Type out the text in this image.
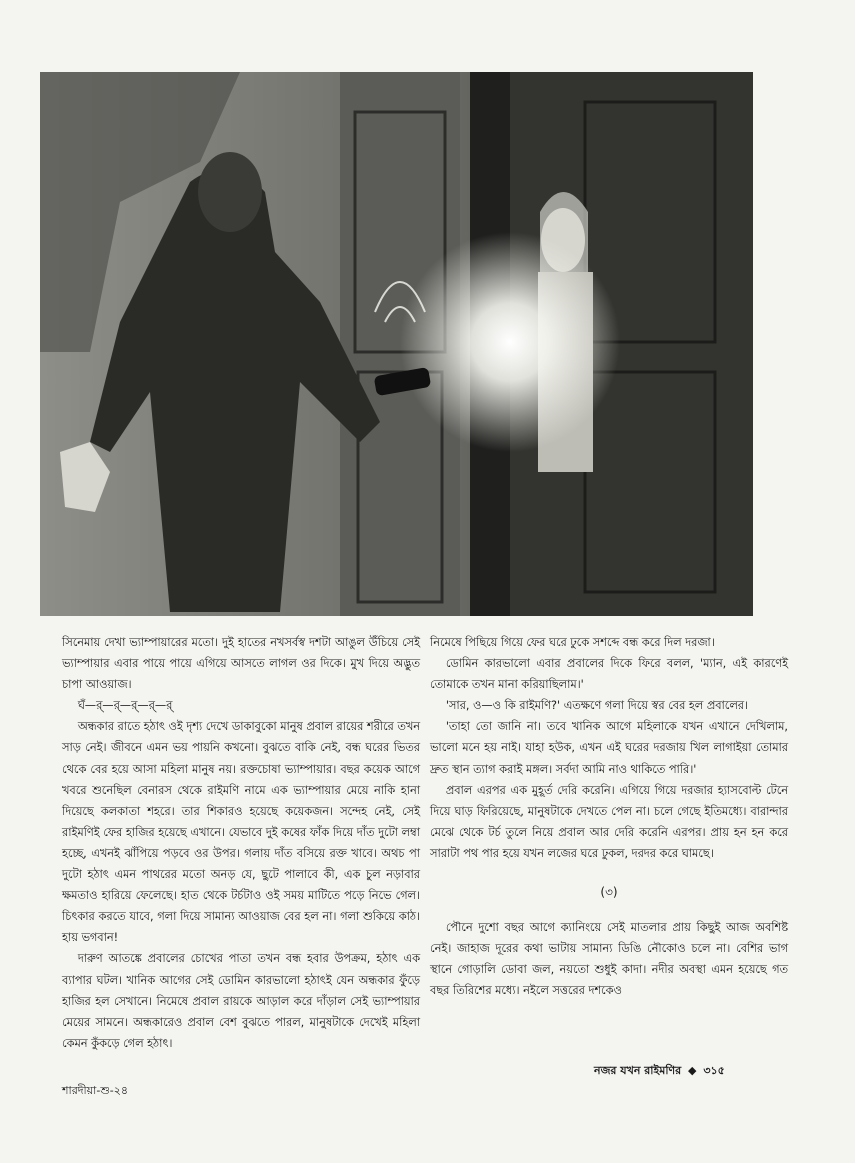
সিনেমায় দেখা ভ্যাম্পায়ারের মতো। দুই হাতের নখসর্বস্ব দশটা আঙুল উঁচিয়ে সেই ভ্যাম্পায়ার এবার পায়ে পায়ে এগিয়ে আসতে লাগল ওর দিকে। মুখ দিয়ে অদ্ভুত চাপা আওয়াজ।

ঘঁ—র্‌—র্‌—র্‌—র্‌—র্‌

অন্ধকার রাতে হঠাৎ ওই দৃশ্য দেখে ডাকাবুকো মানুষ প্রবাল রায়ের শরীরে তখন সাড় নেই। জীবনে এমন ভয় পায়নি কখনো। বুঝতে বাকি নেই, বন্ধ ঘরের ভিতর থেকে বের হয়ে আসা মহিলা মানুষ নয়। রক্তচোষা ভ্যাম্পায়ার। বছর কয়েক আগে খবরে শুনেছিল বেনারস থেকে রাইমণি নামে এক ভ্যাম্পায়ার মেয়ে নাকি হানা দিয়েছে কলকাতা শহরে। তার শিকারও হয়েছে কয়েকজন। সন্দেহ নেই, সেই রাইমণিই ফের হাজির হয়েছে এখানে। যেভাবে দুই কষের ফাঁক দিয়ে দাঁত দুটো লম্বা হচ্ছে, এখনই ঝাঁপিয়ে পড়বে ওর উপর। গলায় দাঁত বসিয়ে রক্ত খাবে। অথচ পা দুটো হঠাৎ এমন পাথরের মতো অনড় যে, ছুটে পালাবে কী, এক চুল নড়াবার ক্ষমতাও হারিয়ে ফেলেছে। হাত থেকে টর্চটাও ওই সময় মাটিতে পড়ে নিভে গেল। চিৎকার করতে যাবে, গলা দিয়ে সামান্য আওয়াজ বের হল না। গলা শুকিয়ে কাঠ। হায় ভগবান!

দারুণ আতঙ্কে প্রবালের চোখের পাতা তখন বন্ধ হবার উপক্রম, হঠাৎ এক ব্যাপার ঘটল। খানিক আগের সেই ডোমিন কারভালো হঠাৎই যেন অন্ধকার ফুঁড়ে হাজির হল সেখানে। নিমেষে প্রবাল রায়কে আড়াল করে দাঁড়াল সেই ভ্যাম্পায়ার মেয়ের সামনে। অন্ধকারেও প্রবাল বেশ বুঝতে পারল, মানুষটাকে দেখেই মহিলা কেমন কুঁকড়ে গেল হঠাৎ।

নিমেষে পিছিয়ে গিয়ে ফের ঘরে ঢুকে সশব্দে বন্ধ করে দিল দরজা।

ডোমিন কারভালো এবার প্রবালের দিকে ফিরে বলল, 'ম্যান, এই কারণেই তোমাকে তখন মানা করিয়াছিলাম।'

'সার, ও—ও কি রাইমণি?' এতক্ষণে গলা দিয়ে স্বর বের হল প্রবালের।

'তাহা তো জানি না। তবে খানিক আগে মহিলাকে যখন এখানে দেখিলাম, ভালো মনে হয় নাই। যাহা হউক, এখন এই ঘরের দরজায় খিল লাগাইয়া তোমার দ্রুত স্থান ত্যাগ করাই মঙ্গল। সর্বদা আমি নাও থাকিতে পারি।'

প্রবাল এরপর এক মুহূর্ত দেরি করেনি। এগিয়ে গিয়ে দরজার হ্যাসবোল্ট টেনে দিয়ে ঘাড় ফিরিয়েছে, মানুষটাকে দেখতে পেল না। চলে গেছে ইতিমধ্যে। বারান্দার মেঝে থেকে টর্চ তুলে নিয়ে প্রবাল আর দেরি করেনি এরপর। প্রায় হন হন করে সারাটা পথ পার হয়ে যখন লজের ঘরে ঢুকল, দরদর করে ঘামছে।

(৩)

পৌনে দুশো বছর আগে ক্যানিংয়ে সেই মাতলার প্রায় কিছুই আজ অবশিষ্ট নেই। জাহাজ দূরের কথা ভাটায় সামান্য ডিঙি নৌকোও চলে না। বেশির ভাগ স্থানে গোড়ালি ডোবা জল, নয়তো শুধুই কাদা। নদীর অবস্থা এমন হয়েছে গত বছর তিরিশের মধ্যে। নইলে সত্তরের দশকেও

নজর যখন রাইমণির ◆ ৩১৫
শারদীয়া-শু-২৪
